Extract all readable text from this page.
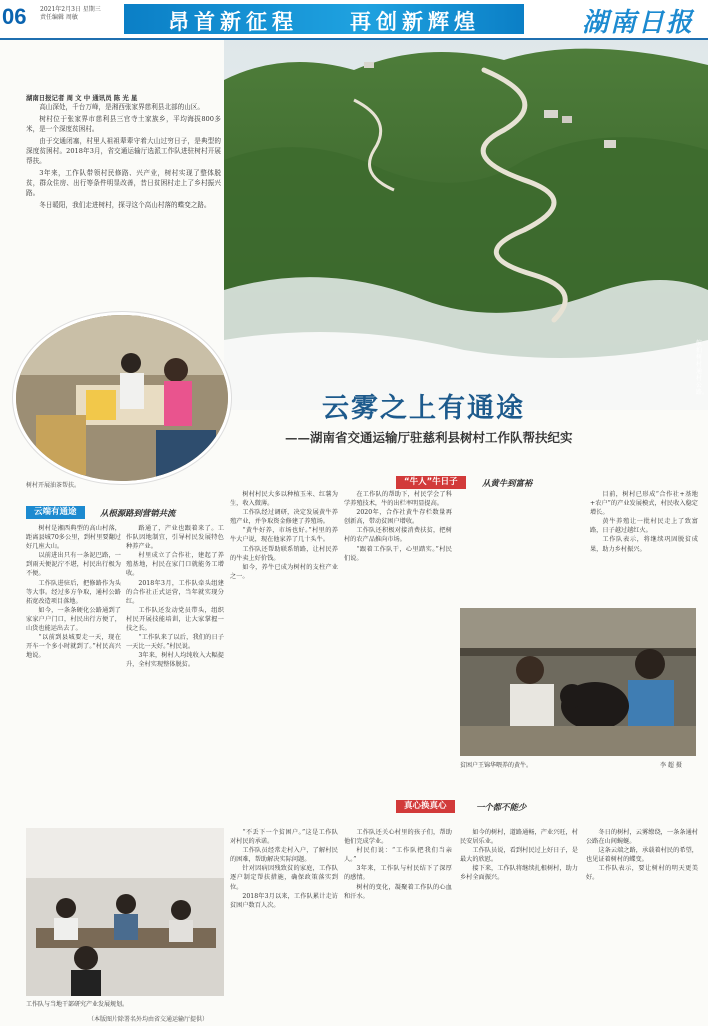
06 2021年2月3日 星期三
责任编辑 周敏	昂首新征程 再创新辉煌	湖南日报
航拍树村通村公路。
湖南日报记者 周 文 中 通讯员 陈 光 星

高山深处，千台万峰，是湘西张家界慈利县北部的山区。

树村位于张家界市慈利县三官寺土家族乡，平均海拔800多米，是一个深度贫困村。

由于交通闭塞，村里人祖祖辈辈守着大山过穷日子，是典型的深度贫困村。2018年3月，省交通运输厅选派工作队进驻树村开展帮扶。

3年来，工作队带领村民修路、兴产业，树村实现了整体脱贫，群众住房、出行等条件明显改善，昔日贫困村走上了乡村振兴路。

冬日暖阳，我们走进树村，探寻这个高山村落的蝶变之路。

树村开展油茶帮扶。
云雾之上有通途
——湖南省交通运输厅驻慈利县树村工作队帮扶纪实
云端有通途	从根源路到营销共流

树村是湘西典型的高山村落，距离县城70多公里，到村里要翻过好几座大山。

以前进出只有一条泥巴路，一到雨天便泥泞不堪，村民出行极为不便。

工作队进驻后，把修路作为头等大事。经过多方争取，通村公路拓宽改造项目落地。

如今，一条条硬化公路通到了家家户户门口，村民出行方便了，山货也能运出去了。

“以前到县城要走一天，现在开车一个多小时就到了。”村民高兴地说。

路通了，产业也跟着来了。工作队因地制宜，引导村民发展特色种养产业。

村里成立了合作社，建起了养殖基地，村民在家门口就能务工增收。

2018年3月，工作队牵头组建的合作社正式运营，当年就实现分红。

工作队还发动党员带头，组织村民开展技能培训，让大家掌握一技之长。

“工作队来了以后，我们的日子一天比一天好。”村民说。

3年来，树村人均纯收入大幅提升，全村实现整体脱贫。

“牛人”牛日子	从黄牛到富裕

树村村民大多以种植玉米、红薯为生，收入微薄。

工作队经过调研，决定发展黄牛养殖产业，并争取资金修建了养殖场。

“黄牛好养，市场也好。”村里的养牛大户说，现在他家养了几十头牛。

工作队还帮助联系销路，让村民养的牛卖上好价钱。

如今，养牛已成为树村的支柱产业之一。

在工作队的帮助下，村民学会了科学养殖技术，牛的出栏率明显提高。

2020年，合作社黄牛存栏数量再创新高，带动贫困户增收。

工作队还积极对接消费扶贫，把树村的农产品推向市场。

“跟着工作队干，心里踏实。”村民们说。

目前，树村已形成“合作社+基地+农户”的产业发展模式，村民收入稳定增长。

黄牛养殖让一批村民走上了致富路，日子越过越红火。

工作队表示，将继续巩固脱贫成果，助力乡村振兴。

贫困户王锦华喂养的黄牛。	李 超 摄
真心换真心	一个都不能少

“不丢下一个贫困户。”这是工作队对村民的承诺。

工作队员经常走村入户，了解村民的困难，帮助解决实际问题。

针对因病因残致贫的家庭，工作队逐户制定帮扶措施，确保政策落实到位。

2018年3月以来，工作队累计走访贫困户数百人次。

工作队还关心村里的孩子们，帮助他们完成学业。

村民们说：“工作队把我们当亲人。”

3年来，工作队与村民结下了深厚的感情。

树村的变化，凝聚着工作队的心血和汗水。

如今的树村，道路通畅，产业兴旺，村民安居乐业。

工作队员说，看到村民过上好日子，是最大的欣慰。

接下来，工作队将继续扎根树村，助力乡村全面振兴。

冬日的树村，云雾缭绕，一条条通村公路在山间蜿蜒。

这条云端之路，承载着村民的希望，也见证着树村的蝶变。

工作队表示，要让树村的明天更美好。

工作队与当地干部研究产业发展规划。
（本版图片除署名外均由省交通运输厅提供）
